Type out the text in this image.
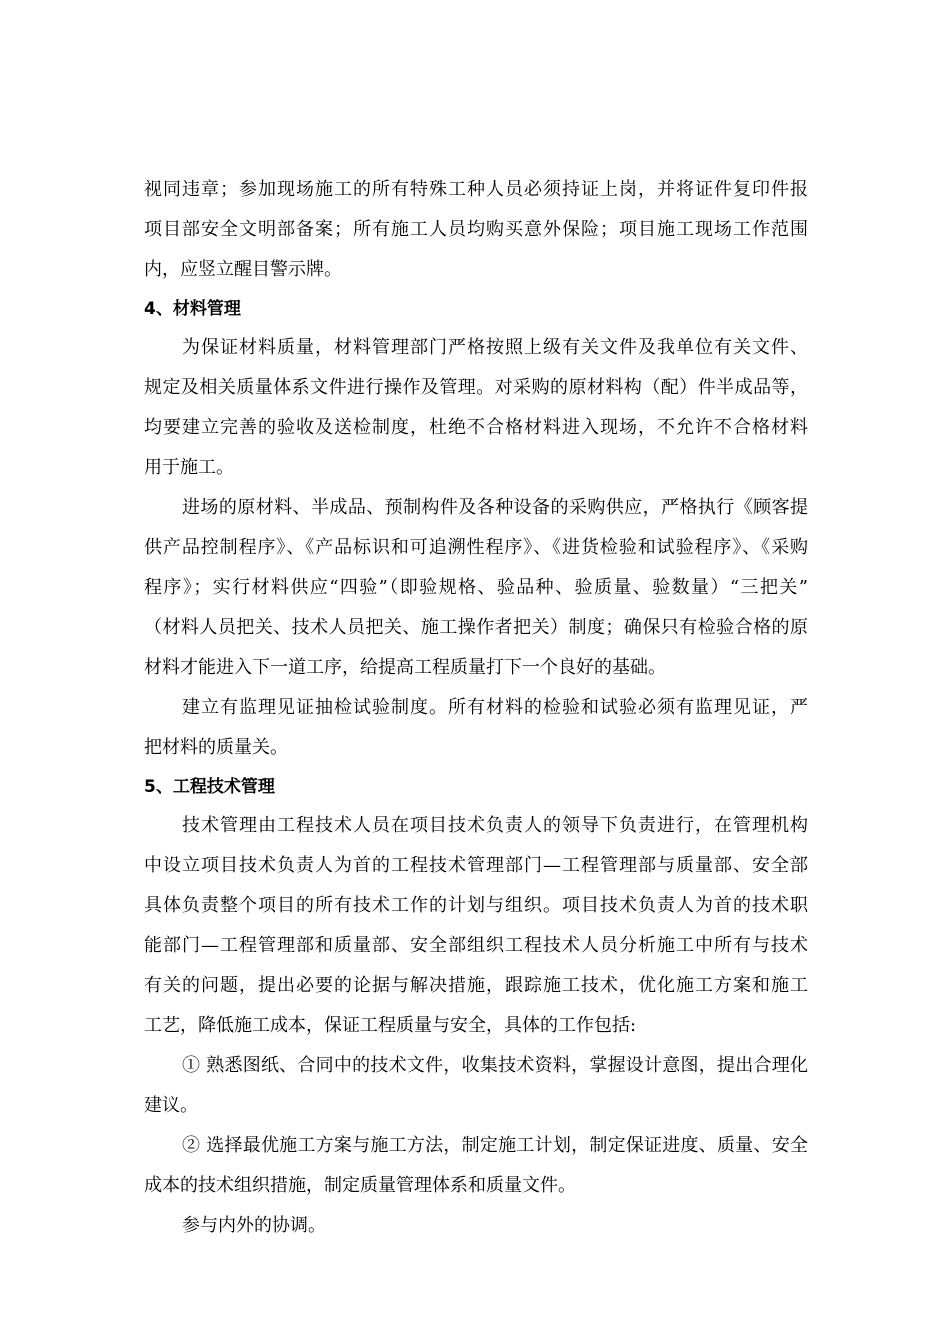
视同违章；参加现场施工的所有特殊工种人员必须持证上岗，并将证件复印件报
项目部安全文明部备案；所有施工人员均购买意外保险；项目施工现场工作范围
内，应竖立醒目警示牌。
4、材料管理
为保证材料质量，材料管理部门严格按照上级有关文件及我单位有关文件、
规定及相关质量体系文件进行操作及管理。对采购的原材料构（配）件半成品等，
均要建立完善的验收及送检制度，杜绝不合格材料进入现场，不允许不合格材料
用于施工。
进场的原材料、半成品、预制构件及各种设备的采购供应，严格执行《顾客提
供产品控制程序》、《产品标识和可追溯性程序》、《进货检验和试验程序》、《采购
程序》；实行材料供应“四验”（即验规格、验品种、验质量、验数量）“三把关”
（材料人员把关、技术人员把关、施工操作者把关）制度；确保只有检验合格的原
材料才能进入下一道工序，给提高工程质量打下一个良好的基础。
建立有监理见证抽检试验制度。所有材料的检验和试验必须有监理见证，严
把材料的质量关。
5、工程技术管理
技术管理由工程技术人员在项目技术负责人的领导下负责进行，在管理机构
中设立项目技术负责人为首的工程技术管理部门—工程管理部与质量部、安全部
具体负责整个项目的所有技术工作的计划与组织。项目技术负责人为首的技术职
能部门—工程管理部和质量部、安全部组织工程技术人员分析施工中所有与技术
有关的问题，提出必要的论据与解决措施，跟踪施工技术，优化施工方案和施工
工艺，降低施工成本，保证工程质量与安全，具体的工作包括:
① 熟悉图纸、合同中的技术文件，收集技术资料，掌握设计意图，提出合理化
建议。
② 选择最优施工方案与施工方法，制定施工计划，制定保证进度、质量、安全
成本的技术组织措施，制定质量管理体系和质量文件。
参与内外的协调。
